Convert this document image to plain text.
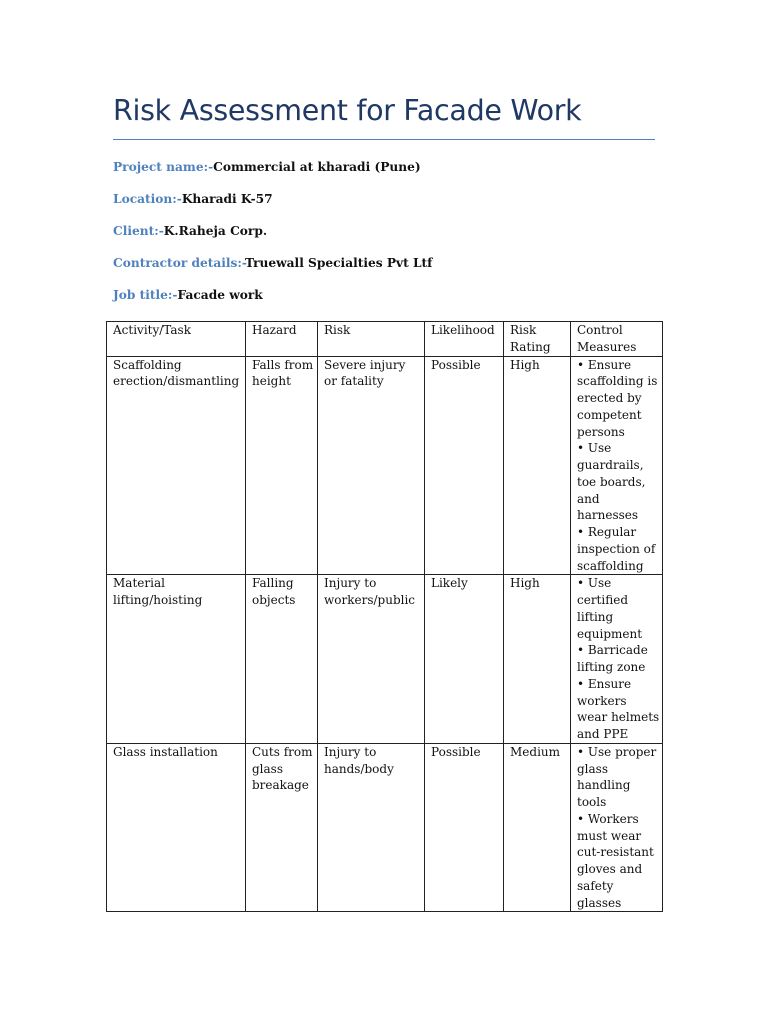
Risk Assessment for Facade Work
Project name:-Commercial at kharadi (Pune)
Location:-Kharadi K-57
Client:-K.Raheja Corp.
Contractor details:-Truewall Specialties Pvt Ltf
Job title:-Facade work
Activity/Task	Hazard	Risk	Likelihood	Risk Rating	Control Measures
Scaffolding erection/dismantling	Falls from height	Severe injury or fatality	Possible	High	• Ensure scaffolding is erected by competent persons
• Use guardrails, toe boards, and harnesses
• Regular inspection of scaffolding

Material lifting/hoisting	Falling objects	Injury to workers/public	Likely	High	• Use certified lifting equipment
• Barricade lifting zone
• Ensure workers wear helmets and PPE

Glass installation	Cuts from glass breakage	Injury to hands/body	Possible	Medium	• Use proper glass handling tools
• Workers must wear cut-resistant gloves and safety glasses
